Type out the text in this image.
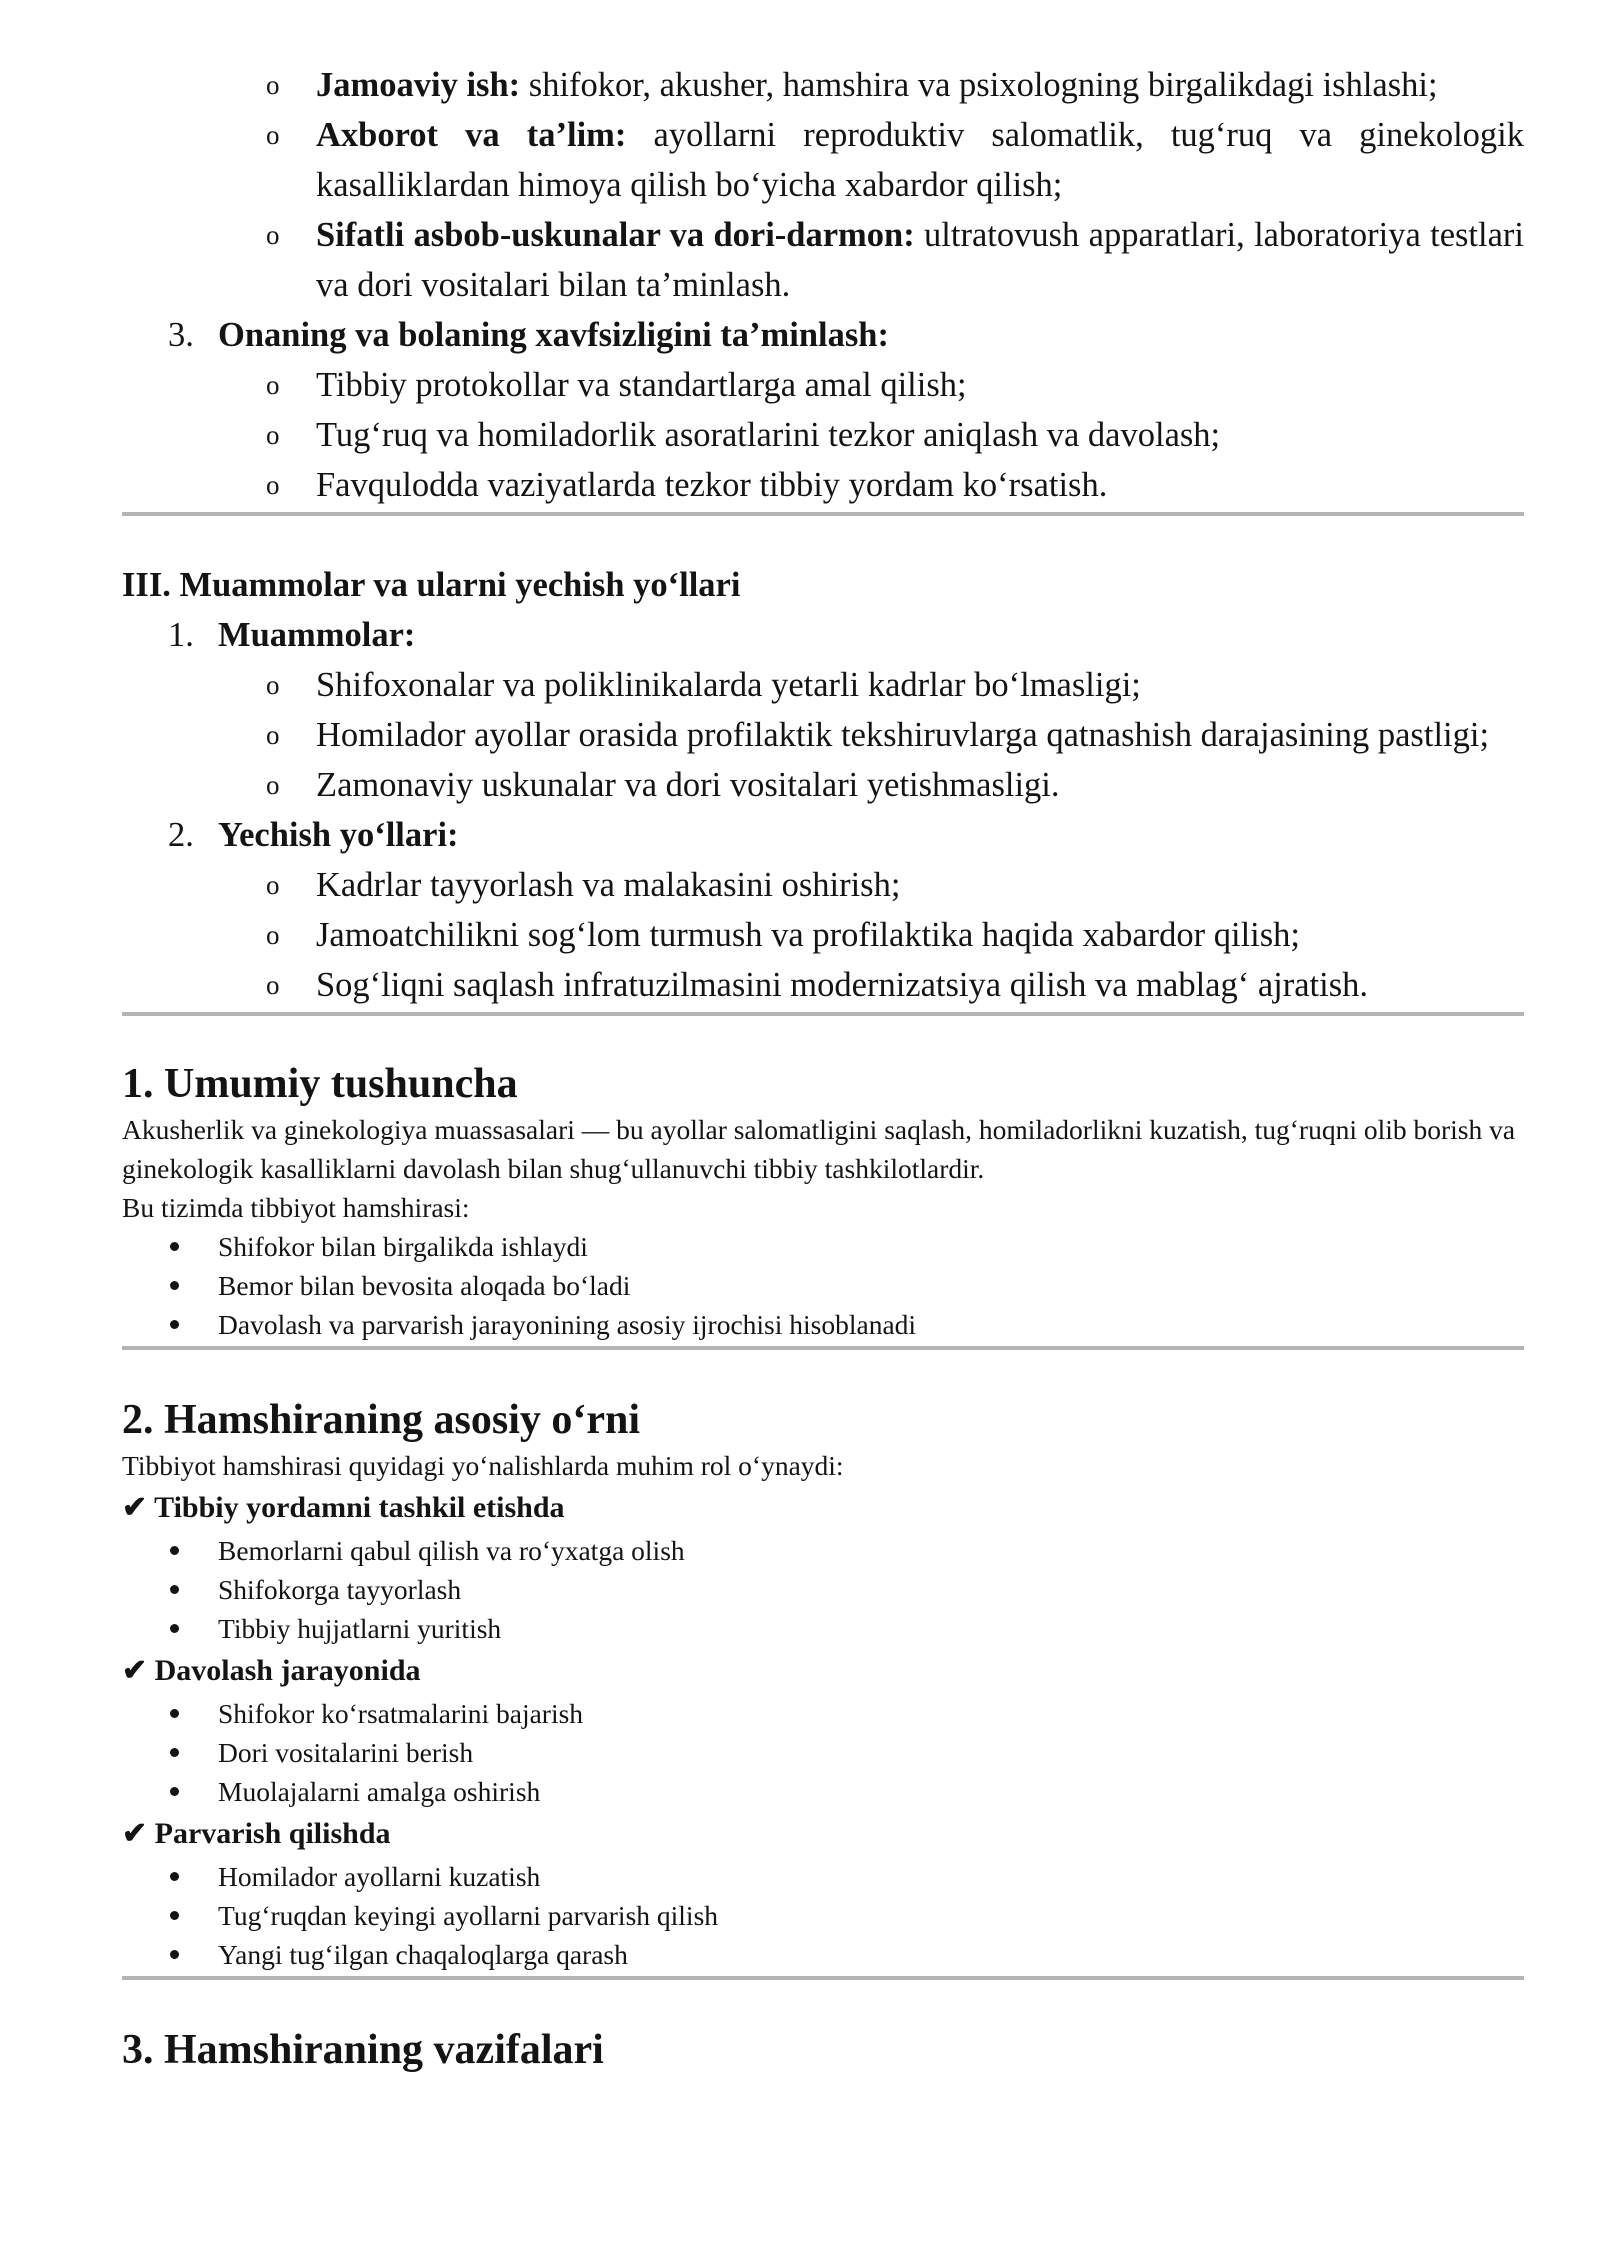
o Jamoaviy ish: shifokor, akusher, hamshira va psixologning birgalikdagi ishlashi;
o Axborot va ta’lim: ayollarni reproduktiv salomatlik, tug‘ruq va ginekologik kasalliklardan himoya qilish bo‘yicha xabardor qilish;
o Sifatli asbob-uskunalar va dori-darmon: ultratovush apparatlari, laboratoriya testlari va dori vositalari bilan ta’minlash.
3. Onaning va bolaning xavfsizligini ta’minlash:
o Tibbiy protokollar va standartlarga amal qilish;
o Tug‘ruq va homiladorlik asoratlarini tezkor aniqlash va davolash;
o Favqulodda vaziyatlarda tezkor tibbiy yordam ko‘rsatish.
III. Muammolar va ularni yechish yo‘llari
1. Muammolar:
o Shifoxonalar va poliklinikalarda yetarli kadrlar bo‘lmasligi;
o Homilador ayollar orasida profilaktik tekshiruvlarga qatnashish darajasining pastligi;
o Zamonaviy uskunalar va dori vositalari yetishmasligi.
2. Yechish yo‘llari:
o Kadrlar tayyorlash va malakasini oshirish;
o Jamoatchilikni sog‘lom turmush va profilaktika haqida xabardor qilish;
o Sog‘liqni saqlash infratuzilmasini modernizatsiya qilish va mablag‘ ajratish.
1. Umumiy tushuncha
Akusherlik va ginekologiya muassasalari — bu ayollar salomatligini saqlash, homiladorlikni kuzatish, tug‘ruqni olib borish va ginekologik kasalliklarni davolash bilan shug‘ullanuvchi tibbiy tashkilotlardir.
Bu tizimda tibbiyot hamshirasi:
Shifokor bilan birgalikda ishlaydi
Bemor bilan bevosita aloqada bo‘ladi
Davolash va parvarish jarayonining asosiy ijrochisi hisoblanadi
2. Hamshiraning asosiy o‘rni
Tibbiyot hamshirasi quyidagi yo‘nalishlarda muhim rol o‘ynaydi:
✔ Tibbiy yordamni tashkil etishda
Bemorlarni qabul qilish va ro‘yxatga olish
Shifokorga tayyorlash
Tibbiy hujjatlarni yuritish
✔ Davolash jarayonida
Shifokor ko‘rsatmalarini bajarish
Dori vositalarini berish
Muolajalarni amalga oshirish
✔ Parvarish qilishda
Homilador ayollarni kuzatish
Tug‘ruqdan keyingi ayollarni parvarish qilish
Yangi tug‘ilgan chaqaloqlarga qarash
3. Hamshiraning vazifalari
